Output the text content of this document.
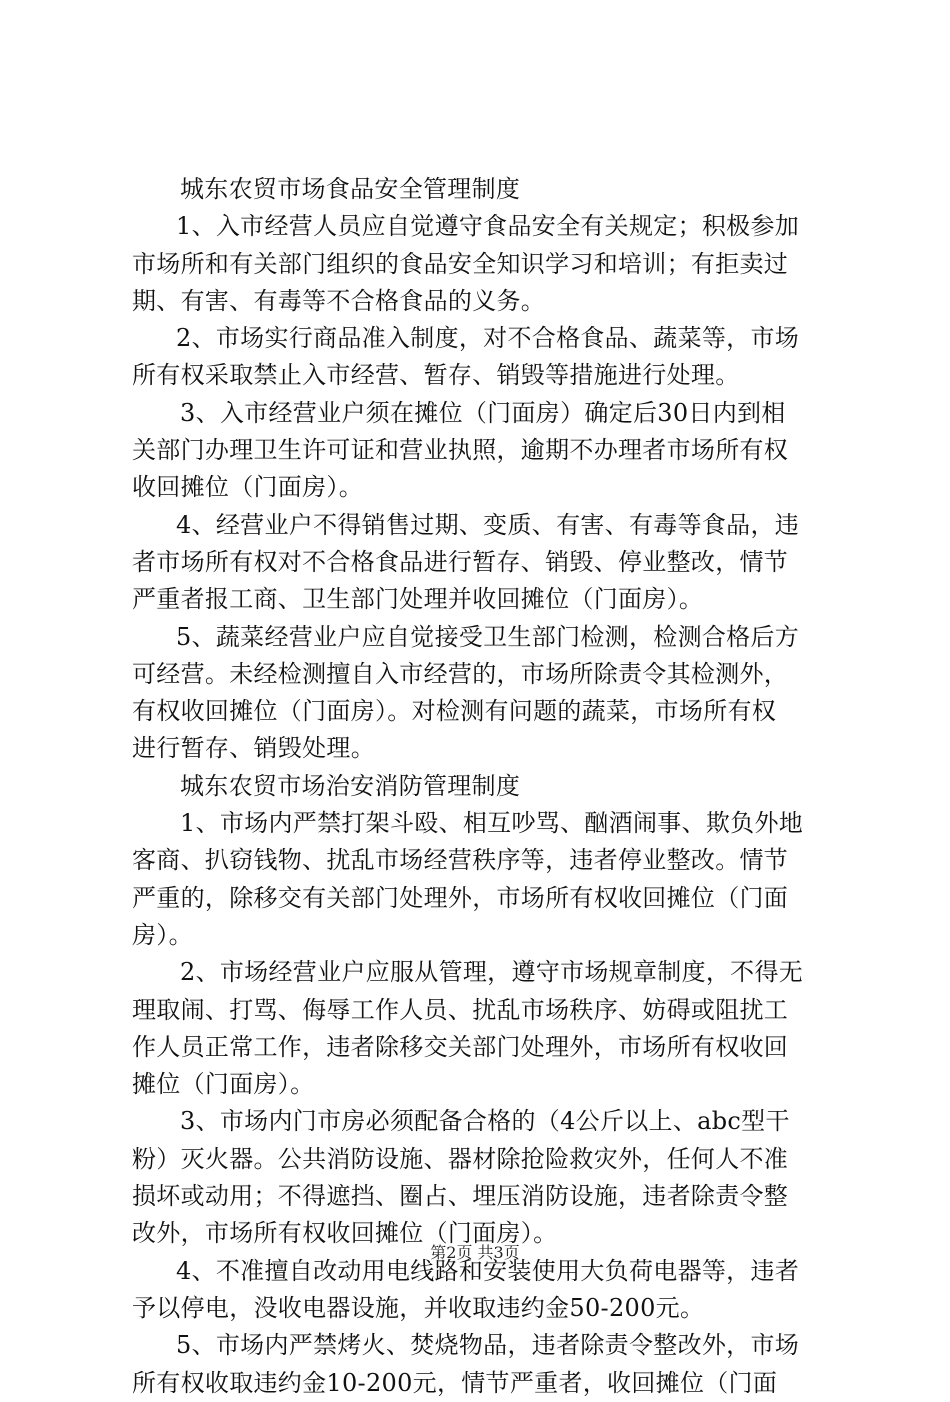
城东农贸市场食品安全管理制度
1、入市经营人员应自觉遵守食品安全有关规定；积极参加
市场所和有关部门组织的食品安全知识学习和培训；有拒卖过
期、有害、有毒等不合格食品的义务。
2、市场实行商品准入制度，对不合格食品、蔬菜等，市场
所有权采取禁止入市经营、暂存、销毁等措施进行处理。
3、入市经营业户须在摊位（门面房）确定后30日内到相
关部门办理卫生许可证和营业执照，逾期不办理者市场所有权
收回摊位（门面房）。
4、经营业户不得销售过期、变质、有害、有毒等食品，违
者市场所有权对不合格食品进行暂存、销毁、停业整改，情节
严重者报工商、卫生部门处理并收回摊位（门面房）。
5、蔬菜经营业户应自觉接受卫生部门检测，检测合格后方
可经营。未经检测擅自入市经营的，市场所除责令其检测外，
有权收回摊位（门面房）。对检测有问题的蔬菜，市场所有权
进行暂存、销毁处理。
城东农贸市场治安消防管理制度
1、市场内严禁打架斗殴、相互吵骂、酗酒闹事、欺负外地
客商、扒窃钱物、扰乱市场经营秩序等，违者停业整改。情节
严重的，除移交有关部门处理外，市场所有权收回摊位（门面
房）。
2、市场经营业户应服从管理，遵守市场规章制度，不得无
理取闹、打骂、侮辱工作人员、扰乱市场秩序、妨碍或阻扰工
作人员正常工作，违者除移交关部门处理外，市场所有权收回
摊位（门面房）。
3、市场内门市房必须配备合格的（4公斤以上、abc型干
粉）灭火器。公共消防设施、器材除抢险救灾外，任何人不准
损坏或动用；不得遮挡、圈占、埋压消防设施，违者除责令整
改外，市场所有权收回摊位（门面房）。
4、不准擅自改动用电线路和安装使用大负荷电器等，违者
予以停电，没收电器设施，并收取违约金50-200元。
5、市场内严禁烤火、焚烧物品，违者除责令整改外，市场
所有权收取违约金10-200元，情节严重者，收回摊位（门面
第2页 共3页
